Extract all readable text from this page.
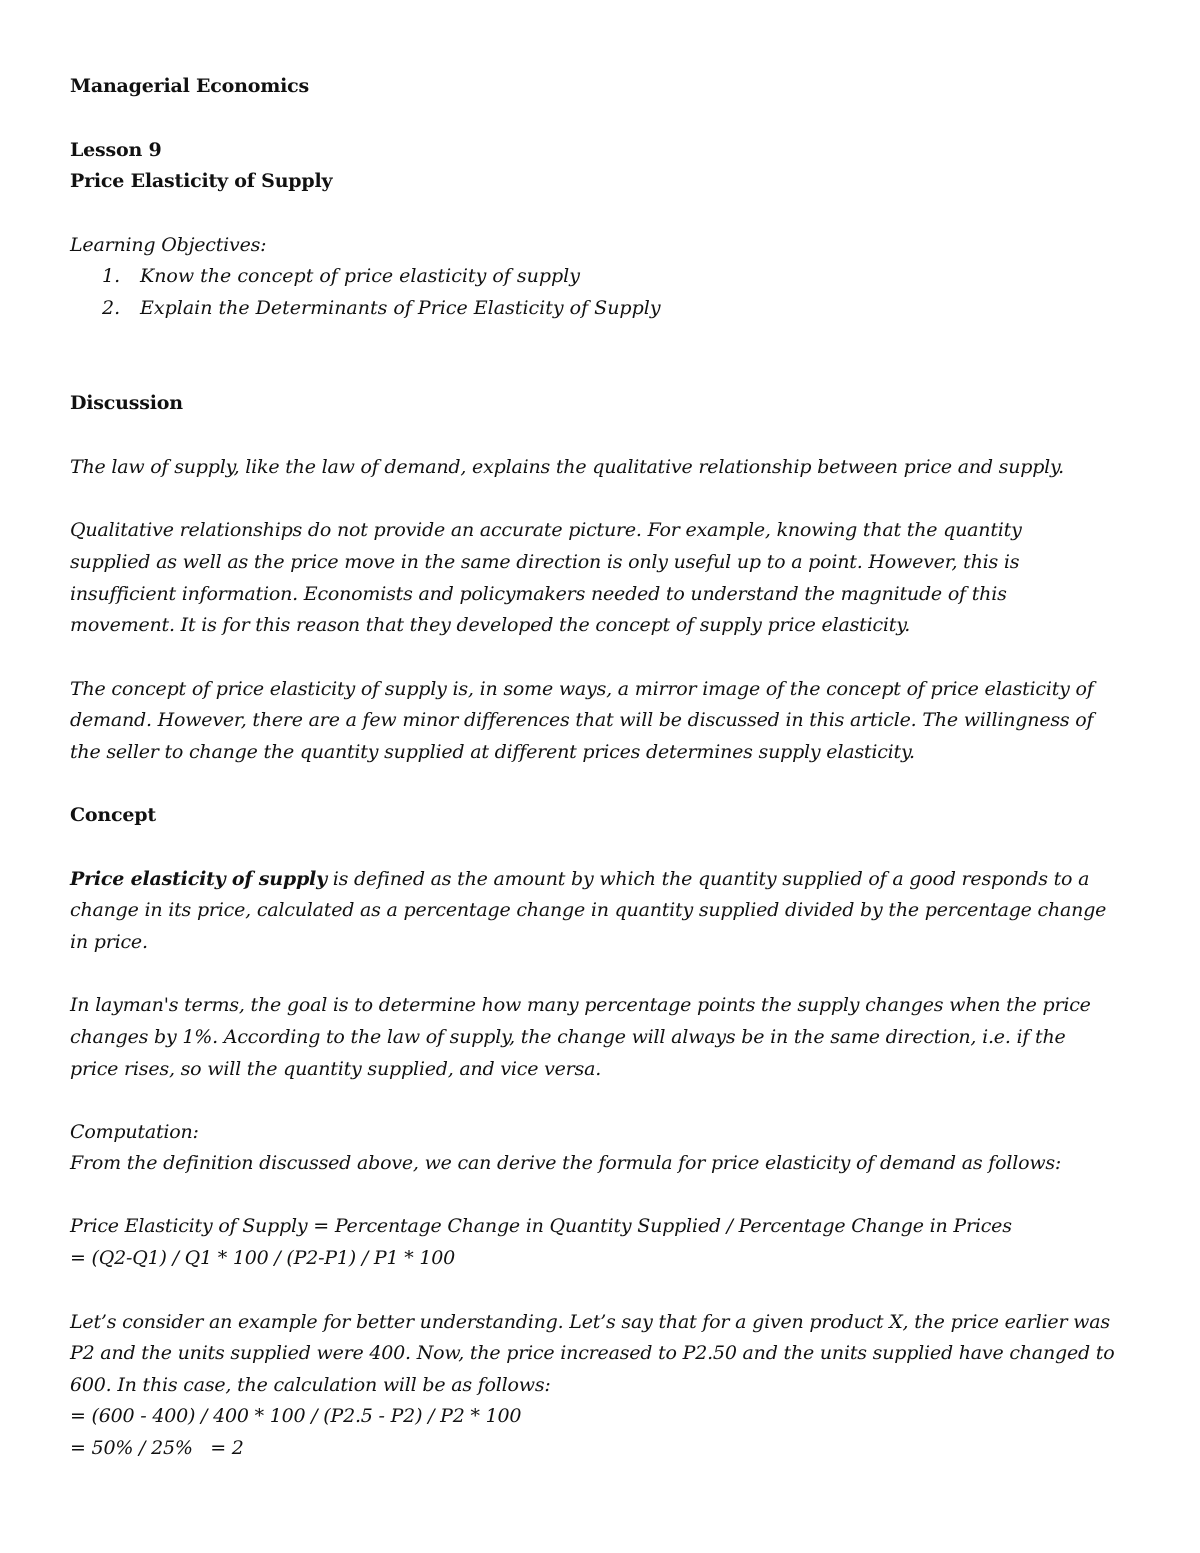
Managerial Economics
Lesson 9
Price Elasticity of Supply
Learning Objectives:
1. Know the concept of price elasticity of supply
2. Explain the Determinants of Price Elasticity of Supply
Discussion
The law of supply, like the law of demand, explains the qualitative relationship between price and supply.
Qualitative relationships do not provide an accurate picture. For example, knowing that the quantity
supplied as well as the price move in the same direction is only useful up to a point. However, this is
insufficient information. Economists and policymakers needed to understand the magnitude of this
movement. It is for this reason that they developed the concept of supply price elasticity.
The concept of price elasticity of supply is, in some ways, a mirror image of the concept of price elasticity of
demand. However, there are a few minor differences that will be discussed in this article. The willingness of
the seller to change the quantity supplied at different prices determines supply elasticity.
Concept
Price elasticity of supply is defined as the amount by which the quantity supplied of a good responds to a
change in its price, calculated as a percentage change in quantity supplied divided by the percentage change
in price.
In layman's terms, the goal is to determine how many percentage points the supply changes when the price
changes by 1%. According to the law of supply, the change will always be in the same direction, i.e. if the
price rises, so will the quantity supplied, and vice versa.
Computation:
From the definition discussed above, we can derive the formula for price elasticity of demand as follows:
Price Elasticity of Supply = Percentage Change in Quantity Supplied / Percentage Change in Prices
= (Q2-Q1) / Q1 * 100 / (P2-P1) / P1 * 100
Let’s consider an example for better understanding. Let’s say that for a given product X, the price earlier was
P2 and the units supplied were 400. Now, the price increased to P2.50 and the units supplied have changed to
600. In this case, the calculation will be as follows:
= (600 - 400) / 400 * 100 / (P2.5 - P2) / P2 * 100
= 50% / 25%   = 2
